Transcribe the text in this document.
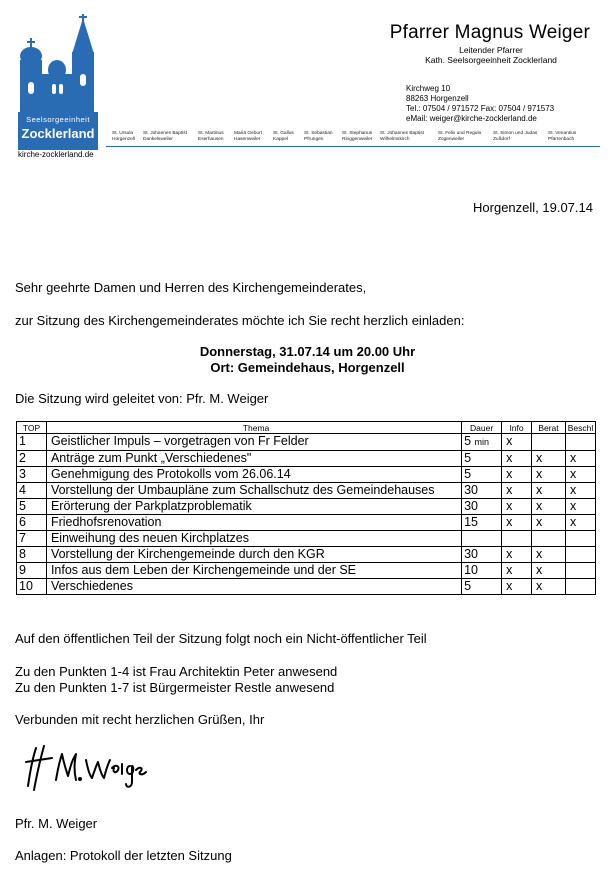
Seelsorgeeinheit
Zocklerland
kirche-zocklerland.de
Pfarrer Magnus Weiger
Leitender Pfarrer
Kath. Seelsorgeeinheit Zocklerland
Kirchweg 10
88263 Horgenzell
Tel.: 07504 / 971572 Fax: 07504 / 971573
eMail: weiger@kirche-zocklerland.de
St. Ursula
Horgenzell
St. Johannes Baptist
Dankelsweiler
St. Martinus
Eserhausen
Mariä Geburt
Hasenweiler
St. Gallus
Kappel
St. Sebastian
Pfrungen
St. Stephanus
Ringgenweiler
St. Johannes Baptist
Wilhelmskirch
St. Felix und Regula
Zogenweiler
St. Simon und Judas
Zußdorf
St. Venantius
Pfärrenbach
Horgenzell, 19.07.14
Sehr geehrte Damen und Herren des Kirchengemeinderates,
zur Sitzung des Kirchengemeinderates möchte ich Sie recht herzlich einladen:
Donnerstag, 31.07.14 um 20.00 Uhr
Ort: Gemeindehaus, Horgenzell
Die Sitzung wird geleitet von: Pfr. M. Weiger
TOP	Thema	Dauer	Info	Berat	Beschl
1	Geistlicher Impuls – vorgetragen von Fr Felder	5 min	x		
2	Anträge zum Punkt „Verschiedenes"	5	x	x	x
3	Genehmigung des Protokolls vom 26.06.14	5	x	x	x
4	Vorstellung der Umbaupläne zum Schallschutz des Gemeindehauses	30	x	x	x
5	Erörterung der Parkplatzproblematik	30	x	x	x
6	Friedhofsrenovation	15	x	x	x
7	Einweihung des neuen Kirchplatzes				
8	Vorstellung der Kirchengemeinde durch den KGR	30	x	x	
9	Infos aus dem Leben der Kirchengemeinde und der SE	10	x	x	
10	Verschiedenes	5	x	x	
Auf den öffentlichen Teil der Sitzung folgt noch ein Nicht-öffentlicher Teil
Zu den Punkten 1-4 ist Frau Architektin Peter anwesend
Zu den Punkten 1-7 ist Bürgermeister Restle anwesend
Verbunden mit recht herzlichen Grüßen, Ihr
Pfr. M. Weiger
Anlagen: Protokoll der letzten Sitzung
